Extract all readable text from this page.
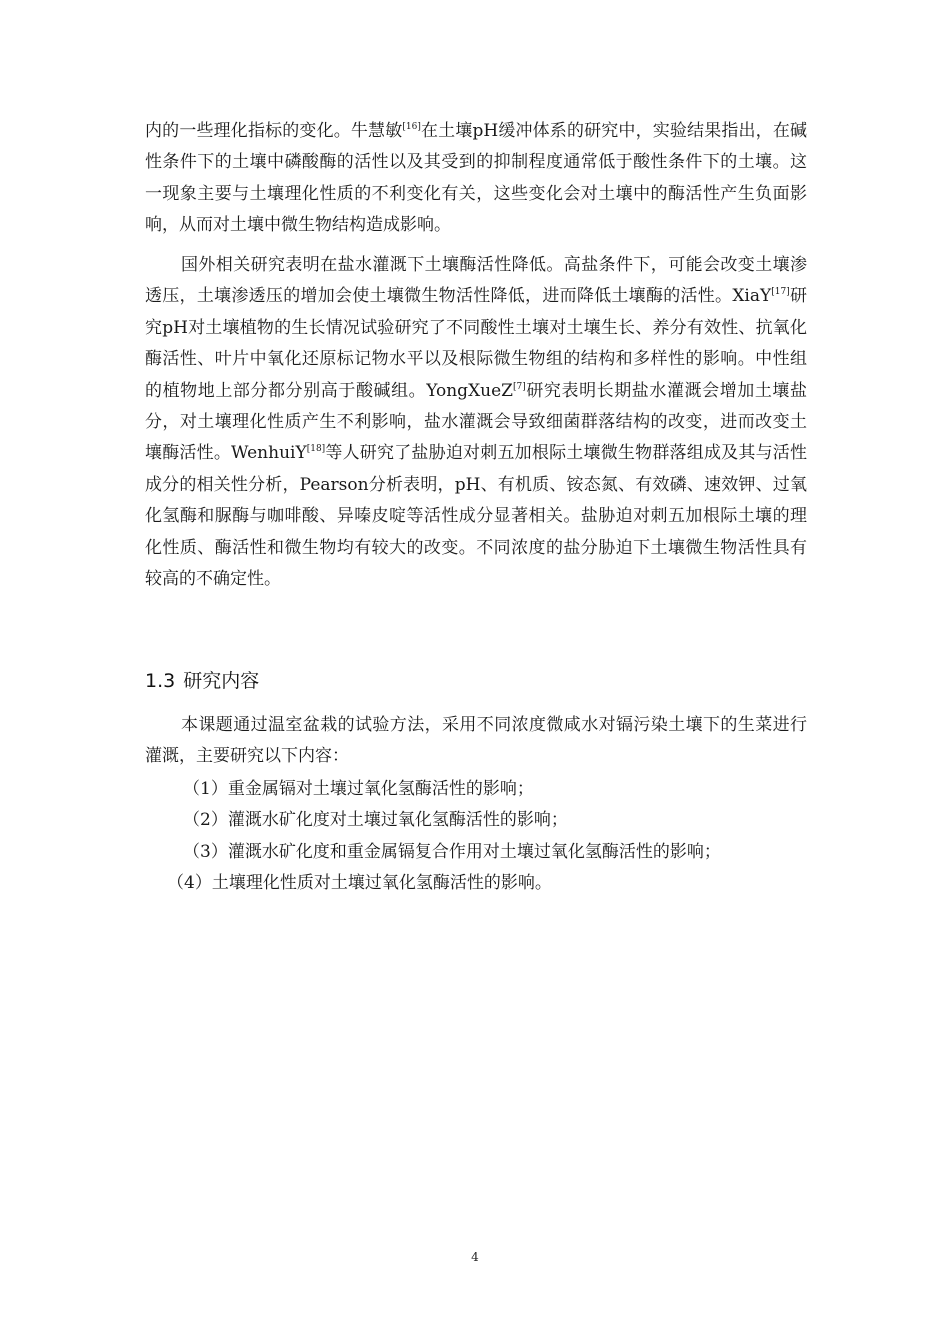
内的一些理化指标的变化。牛慧敏[16]在土壤pH缓冲体系的研究中，实验结果指出，在碱性条件下的土壤中磷酸酶的活性以及其受到的抑制程度通常低于酸性条件下的土壤。这一现象主要与土壤理化性质的不利变化有关，这些变化会对土壤中的酶活性产生负面影响，从而对土壤中微生物结构造成影响。

国外相关研究表明在盐水灌溉下土壤酶活性降低。高盐条件下，可能会改变土壤渗透压，土壤渗透压的增加会使土壤微生物活性降低，进而降低土壤酶的活性。XiaY[17]研究pH对土壤植物的生长情况试验研究了不同酸性土壤对土壤生长、养分有效性、抗氧化酶活性、叶片中氧化还原标记物水平以及根际微生物组的结构和多样性的影响。中性组的植物地上部分都分别高于酸碱组。YongXueZ[7]研究表明长期盐水灌溉会增加土壤盐分，对土壤理化性质产生不利影响，盐水灌溉会导致细菌群落结构的改变，进而改变土壤酶活性。WenhuiY[18]等人研究了盐胁迫对刺五加根际土壤微生物群落组成及其与活性成分的相关性分析，Pearson分析表明，pH、有机质、铵态氮、有效磷、速效钾、过氧化氢酶和脲酶与咖啡酸、异嗪皮啶等活性成分显著相关。盐胁迫对刺五加根际土壤的理化性质、酶活性和微生物均有较大的改变。不同浓度的盐分胁迫下土壤微生物活性具有较高的不确定性。

1.3 研究内容

本课题通过温室盆栽的试验方法，采用不同浓度微咸水对镉污染土壤下的生菜进行灌溉，主要研究以下内容：

（1）重金属镉对土壤过氧化氢酶活性的影响；
（2）灌溉水矿化度对土壤过氧化氢酶活性的影响；
（3）灌溉水矿化度和重金属镉复合作用对土壤过氧化氢酶活性的影响；
（4）土壤理化性质对土壤过氧化氢酶活性的影响。
4
